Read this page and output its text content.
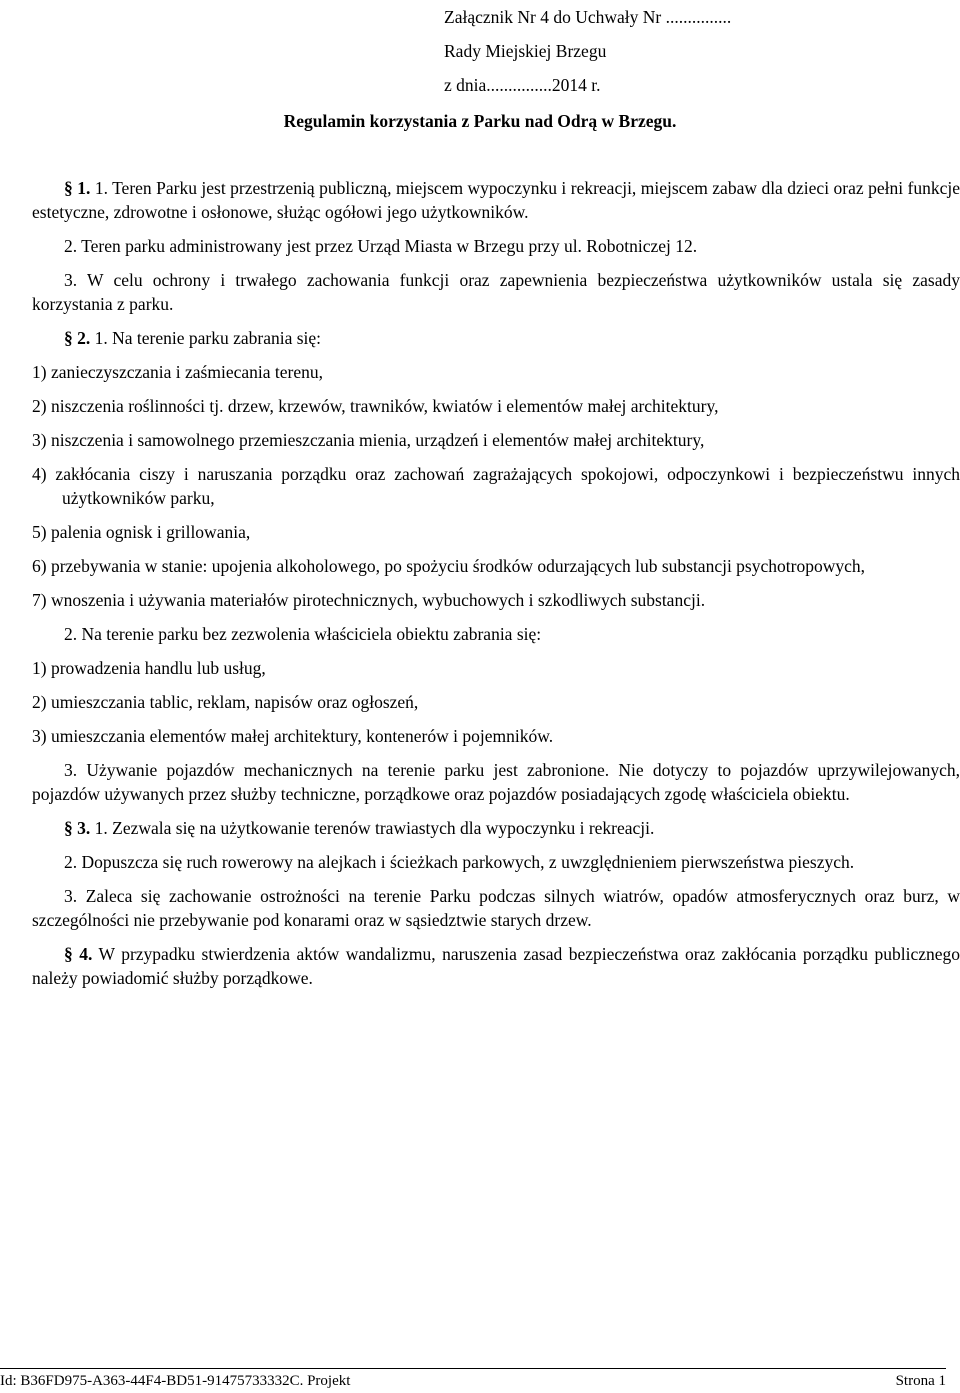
Załącznik Nr 4 do Uchwały Nr ...............
Rady Miejskiej Brzegu
z dnia...............2014 r.
Regulamin korzystania z Parku nad Odrą w Brzegu.

§ 1. 1. Teren Parku jest przestrzenią publiczną, miejscem wypoczynku i rekreacji, miejscem zabaw dla dzieci oraz pełni funkcje estetyczne, zdrowotne i osłonowe, służąc ogółowi jego użytkowników.

2. Teren parku administrowany jest przez Urząd Miasta w Brzegu przy ul. Robotniczej 12.

3. W celu ochrony i trwałego zachowania funkcji oraz zapewnienia bezpieczeństwa użytkowników ustala się zasady korzystania z parku.

§ 2. 1. Na terenie parku zabrania się:

1) zanieczyszczania i zaśmiecania terenu,

2) niszczenia roślinności tj. drzew, krzewów, trawników, kwiatów i elementów małej architektury,

3) niszczenia i samowolnego przemieszczania mienia, urządzeń i elementów małej architektury,

4) zakłócania ciszy i naruszania porządku oraz zachowań zagrażających spokojowi, odpoczynkowi i bezpieczeństwu innych użytkowników parku,

5) palenia ognisk i grillowania,

6) przebywania w stanie: upojenia alkoholowego, po spożyciu środków odurzających lub substancji psychotropowych,

7) wnoszenia i używania materiałów pirotechnicznych, wybuchowych i szkodliwych substancji.

2. Na terenie parku bez zezwolenia właściciela obiektu zabrania się:

1) prowadzenia handlu lub usług,

2) umieszczania tablic, reklam, napisów oraz ogłoszeń,

3) umieszczania elementów małej architektury, kontenerów i pojemników.

3. Używanie pojazdów mechanicznych na terenie parku jest zabronione. Nie dotyczy to pojazdów uprzywilejowanych, pojazdów używanych przez służby techniczne, porządkowe oraz pojazdów posiadających zgodę właściciela obiektu.

§ 3. 1. Zezwala się na użytkowanie terenów trawiastych dla wypoczynku i rekreacji.

2. Dopuszcza się ruch rowerowy na alejkach i ścieżkach parkowych, z uwzględnieniem pierwszeństwa pieszych.

3. Zaleca się zachowanie ostrożności na terenie Parku podczas silnych wiatrów, opadów atmosferycznych oraz burz, w szczególności nie przebywanie pod konarami oraz w sąsiedztwie starych drzew.

§ 4. W przypadku stwierdzenia aktów wandalizmu, naruszenia zasad bezpieczeństwa oraz zakłócania porządku publicznego należy powiadomić służby porządkowe.

Id: B36FD975-A363-44F4-BD51-91475733332C. Projekt	Strona 1
